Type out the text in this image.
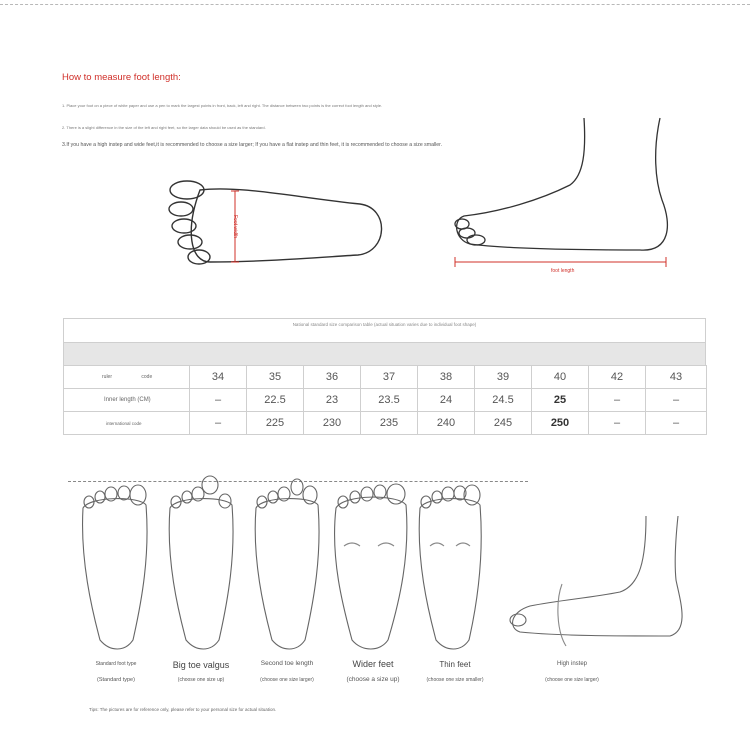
How to measure foot length:
1. Place your foot on a piece of white paper and use a pen to mark the largest points in front, back, left and right. The distance between two points is the correct foot length and style.
2. There is a slight difference in the size of the left and right feet, so the larger data should be used as the standard.
3.If you have a high instep and wide feet,it is recommended to choose a size larger; If you have a flat instep and thin feet, it is recommended to choose a size smaller.
Foot width
foot length
National standard size comparison table (actual situation varies due to individual foot shape)
ruler code	34	35	36	37	38	39	40	42	43
Inner length (CM)	–	22.5	23	23.5	24	24.5	25	–	–
international code	–	225	230	235	240	245	250	–	–
Standard foot type
(Standard type)
Big toe valgus
(choose one size up)
Second toe length
(choose one size larger)
Wider feet
(choose a size up)
Thin feet
(choose one size smaller)
High instep
(choose one size larger)
Tips: The pictures are for reference only, please refer to your personal size for actual situation.
